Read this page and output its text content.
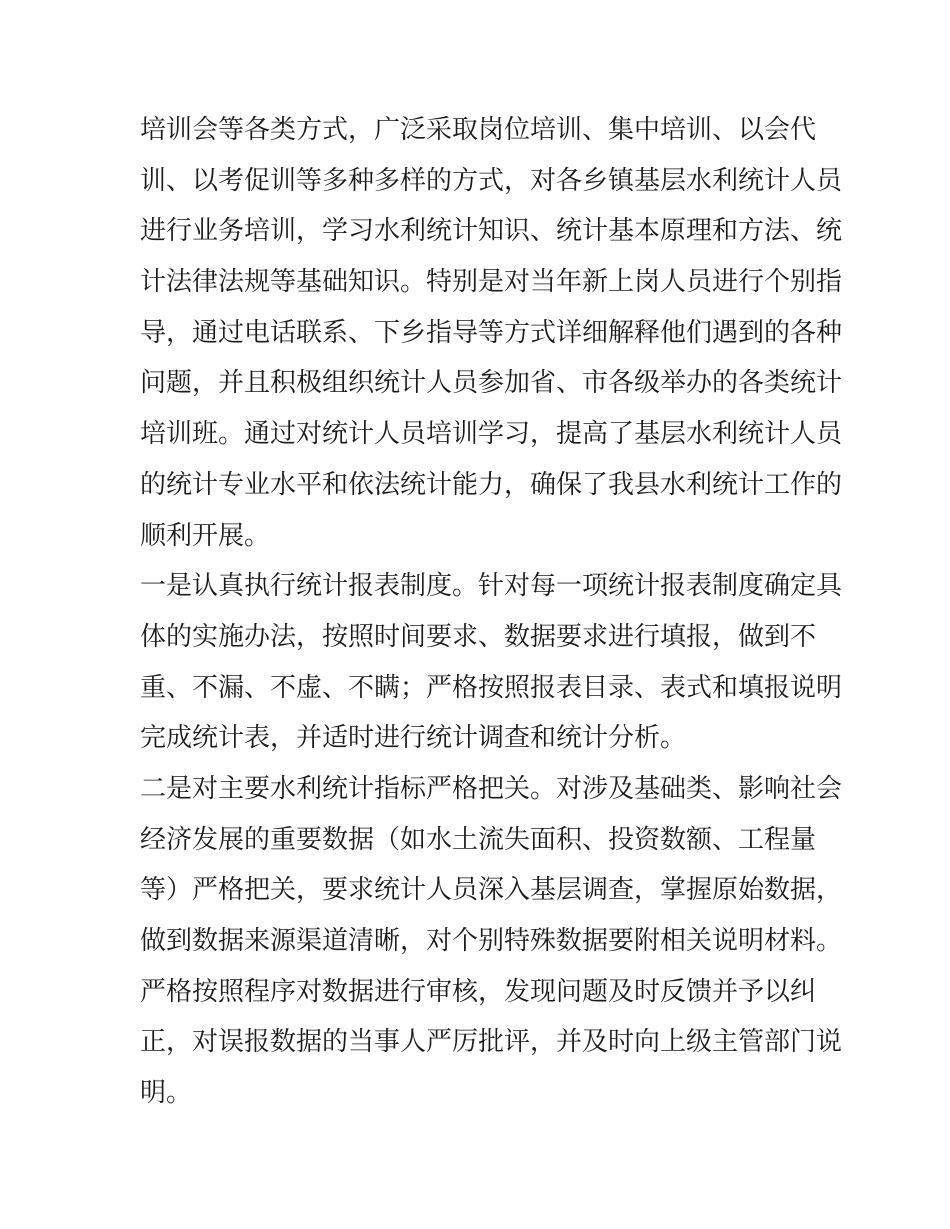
培训会等各类方式，广泛采取岗位培训、集中培训、以会代
训、以考促训等多种多样的方式，对各乡镇基层水利统计人员
进行业务培训，学习水利统计知识、统计基本原理和方法、统
计法律法规等基础知识。特别是对当年新上岗人员进行个别指
导，通过电话联系、下乡指导等方式详细解释他们遇到的各种
问题，并且积极组织统计人员参加省、市各级举办的各类统计
培训班。通过对统计人员培训学习，提高了基层水利统计人员
的统计专业水平和依法统计能力，确保了我县水利统计工作的
顺利开展。
一是认真执行统计报表制度。针对每一项统计报表制度确定具
体的实施办法，按照时间要求、数据要求进行填报，做到不
重、不漏、不虚、不瞒；严格按照报表目录、表式和填报说明
完成统计表，并适时进行统计调查和统计分析。
二是对主要水利统计指标严格把关。对涉及基础类、影响社会
经济发展的重要数据（如水土流失面积、投资数额、工程量
等）严格把关，要求统计人员深入基层调查，掌握原始数据，
做到数据来源渠道清晰，对个别特殊数据要附相关说明材料。
严格按照程序对数据进行审核，发现问题及时反馈并予以纠
正，对误报数据的当事人严厉批评，并及时向上级主管部门说
明。
